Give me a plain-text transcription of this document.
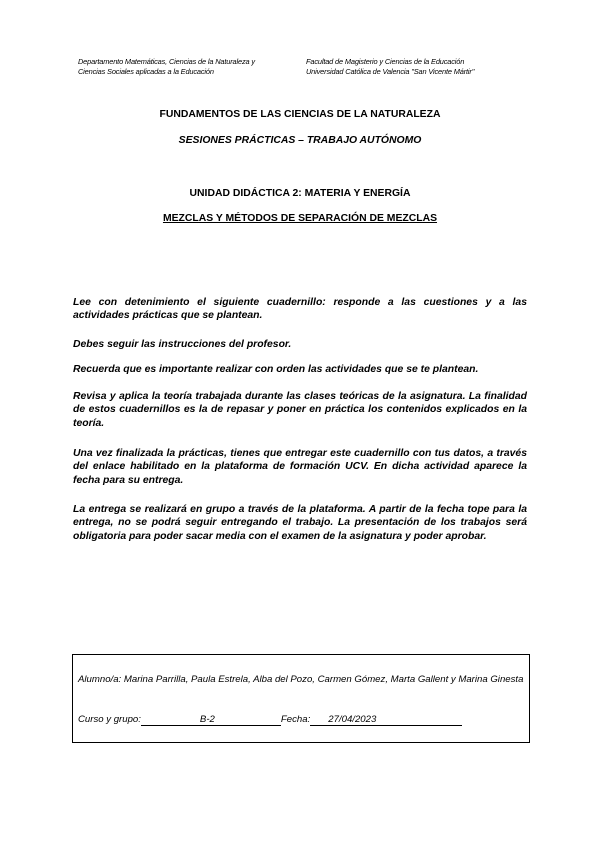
Departamento Matemáticas, Ciencias de la Naturaleza y
Ciencias Sociales aplicadas a la Educación
Facultad de Magisterio y Ciencias de la Educación
Universidad Católica de Valencia "San Vicente Mártir"
FUNDAMENTOS DE LAS CIENCIAS DE LA NATURALEZA
SESIONES PRÁCTICAS – TRABAJO AUTÓNOMO
UNIDAD DIDÁCTICA 2: MATERIA Y ENERGÍA
MEZCLAS Y MÉTODOS DE SEPARACIÓN DE MEZCLAS
Lee con detenimiento el siguiente cuadernillo: responde a las cuestiones y a las actividades prácticas que se plantean.
Debes seguir las instrucciones del profesor.
Recuerda que es importante realizar con orden las actividades que se te plantean.
Revisa y aplica la teoría trabajada durante las clases teóricas de la asignatura. La finalidad de estos cuadernillos es la de repasar y poner en práctica los contenidos explicados en la teoría.
Una vez finalizada la prácticas, tienes que entregar este cuadernillo con tus datos, a través del enlace habilitado en la plataforma de formación UCV. En dicha actividad aparece la fecha para su entrega.
La entrega se realizará en grupo a través de la plataforma. A partir de la fecha tope para la entrega, no se podrá seguir entregando el trabajo. La presentación de los trabajos será obligatoria para poder sacar media con el examen de la asignatura y poder aprobar.
Alumno/a: Marina Parrilla, Paula Estrela, Alba del Pozo, Carmen Gómez, Marta Gallent y Marina Ginesta
Curso y grupo:	B-2	Fecha: 27/04/2023
